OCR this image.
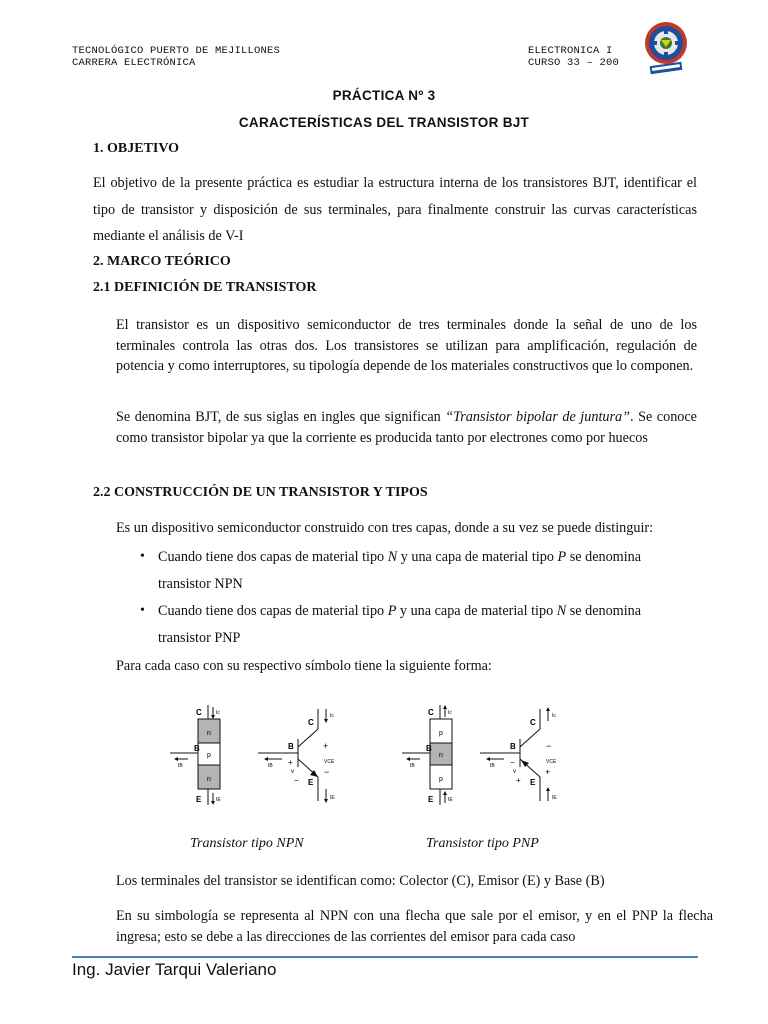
TECNOLÓGICO PUERTO DE MEJILLONES
CARRERA ELECTRÓNICA
ELECTRONICA I
CURSO 33 – 200
PRÁCTICA Nº 3
CARACTERÍSTICAS DEL TRANSISTOR BJT
1. OBJETIVO
El objetivo de la presente práctica es estudiar la estructura interna de los transistores BJT, identificar el tipo de transistor y disposición de sus terminales, para finalmente construir las curvas características mediante el análisis de V-I
2. MARCO TEÓRICO
2.1 DEFINICIÓN DE TRANSISTOR
El transistor es un dispositivo semiconductor de tres terminales donde la señal de uno de los terminales controla las otras dos. Los transistores se utilizan para amplificación, regulación de potencia y como interruptores, su tipología depende de los materiales constructivos que lo componen.
Se denomina BJT, de sus siglas en ingles que significan “Transistor bipolar de juntura”. Se conoce como transistor bipolar ya que la corriente es producida tanto por electrones como por huecos
2.2 CONSTRUCCIÓN DE UN TRANSISTOR Y TIPOS
Es un dispositivo semiconductor construido con tres capas, donde a su vez se puede distinguir:
• Cuando tiene dos capas de material tipo N y una capa de material tipo P se denomina transistor NPN
• Cuando tiene dos capas de material tipo P y una capa de material tipo N se denomina transistor PNP
Para cada caso con su respectivo símbolo tiene la siguiente forma:
n
p
n
C
B
E
Ic
IE
IB
C
B
E
Ic
IE
IB
+
VCE
−
+
v
−
p
n
p
C
B
E
Ic
IE
IB
C
B
E
Ic
IE
IB
−
VCE
+
−
v
+
Transistor tipo NPN	Transistor tipo PNP
Los terminales del transistor se identifican como: Colector (C), Emisor (E) y Base (B)
En su simbología se representa al NPN con una flecha que sale por el emisor, y en el PNP la flecha ingresa; esto se debe a las direcciones de las corrientes del emisor para cada caso
Ing. Javier Tarqui Valeriano
